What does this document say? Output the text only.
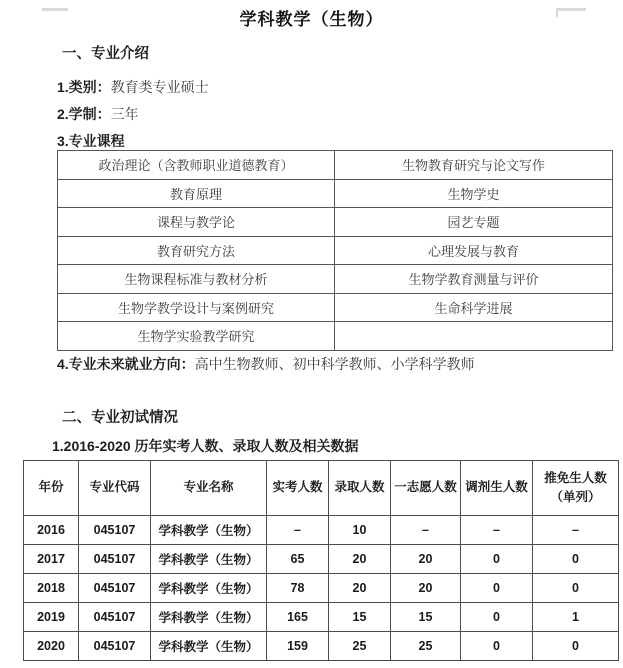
学科教学（生物）
一、专业介绍

1.类别：教育类专业硕士

2.学制：三年

3.专业课程

政治理论（含教师职业道德教育）	生物教育研究与论文写作
教育原理	生物学史
课程与教学论	园艺专题
教育研究方法	心理发展与教育
生物课程标准与教材分析	生物学教育测量与评价
生物学教学设计与案例研究	生命科学进展
生物学实验教学研究	

4.专业未来就业方向：高中生物教师、初中科学教师、小学科学教师

二、专业初试情况

1.2016-2020 历年实考人数、录取人数及相关数据

年份	专业代码	专业名称	实考人数	录取人数	一志愿人数	调剂生人数	推免生人数
（单列）

2016	045107	学科教学（生物）	–	10	–	–	–
2017	045107	学科教学（生物）	65	20	20	0	0
2018	045107	学科教学（生物）	78	20	20	0	0
2019	045107	学科教学（生物）	165	15	15	0	1
2020	045107	学科教学（生物）	159	25	25	0	0
